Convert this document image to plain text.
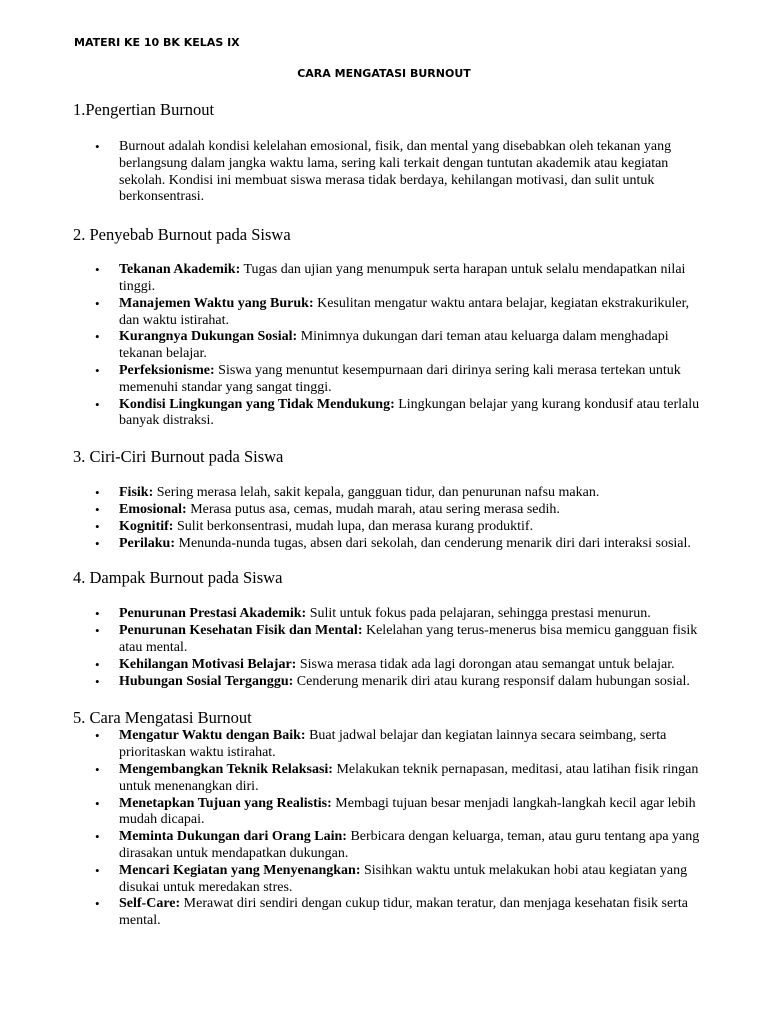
MATERI KE 10 BK KELAS IX
CARA MENGATASI BURNOUT
1.Pengertian Burnout
• Burnout adalah kondisi kelelahan emosional, fisik, dan mental yang disebabkan oleh tekanan yang berlangsung dalam jangka waktu lama, sering kali terkait dengan tuntutan akademik atau kegiatan sekolah. Kondisi ini membuat siswa merasa tidak berdaya, kehilangan motivasi, dan sulit untuk berkonsentrasi.
2. Penyebab Burnout pada Siswa
• Tekanan Akademik: Tugas dan ujian yang menumpuk serta harapan untuk selalu mendapatkan nilai tinggi.
• Manajemen Waktu yang Buruk: Kesulitan mengatur waktu antara belajar, kegiatan ekstrakurikuler, dan waktu istirahat.
• Kurangnya Dukungan Sosial: Minimnya dukungan dari teman atau keluarga dalam menghadapi tekanan belajar.
• Perfeksionisme: Siswa yang menuntut kesempurnaan dari dirinya sering kali merasa tertekan untuk memenuhi standar yang sangat tinggi.
• Kondisi Lingkungan yang Tidak Mendukung: Lingkungan belajar yang kurang kondusif atau terlalu banyak distraksi.
3. Ciri-Ciri Burnout pada Siswa
• Fisik: Sering merasa lelah, sakit kepala, gangguan tidur, dan penurunan nafsu makan.
• Emosional: Merasa putus asa, cemas, mudah marah, atau sering merasa sedih.
• Kognitif: Sulit berkonsentrasi, mudah lupa, dan merasa kurang produktif.
• Perilaku: Menunda-nunda tugas, absen dari sekolah, dan cenderung menarik diri dari interaksi sosial.
4. Dampak Burnout pada Siswa
• Penurunan Prestasi Akademik: Sulit untuk fokus pada pelajaran, sehingga prestasi menurun.
• Penurunan Kesehatan Fisik dan Mental: Kelelahan yang terus-menerus bisa memicu gangguan fisik atau mental.
• Kehilangan Motivasi Belajar: Siswa merasa tidak ada lagi dorongan atau semangat untuk belajar.
• Hubungan Sosial Terganggu: Cenderung menarik diri atau kurang responsif dalam hubungan sosial.
5. Cara Mengatasi Burnout
• Mengatur Waktu dengan Baik: Buat jadwal belajar dan kegiatan lainnya secara seimbang, serta prioritaskan waktu istirahat.
• Mengembangkan Teknik Relaksasi: Melakukan teknik pernapasan, meditasi, atau latihan fisik ringan untuk menenangkan diri.
• Menetapkan Tujuan yang Realistis: Membagi tujuan besar menjadi langkah-langkah kecil agar lebih mudah dicapai.
• Meminta Dukungan dari Orang Lain: Berbicara dengan keluarga, teman, atau guru tentang apa yang dirasakan untuk mendapatkan dukungan.
• Mencari Kegiatan yang Menyenangkan: Sisihkan waktu untuk melakukan hobi atau kegiatan yang disukai untuk meredakan stres.
• Self-Care: Merawat diri sendiri dengan cukup tidur, makan teratur, dan menjaga kesehatan fisik serta mental.
